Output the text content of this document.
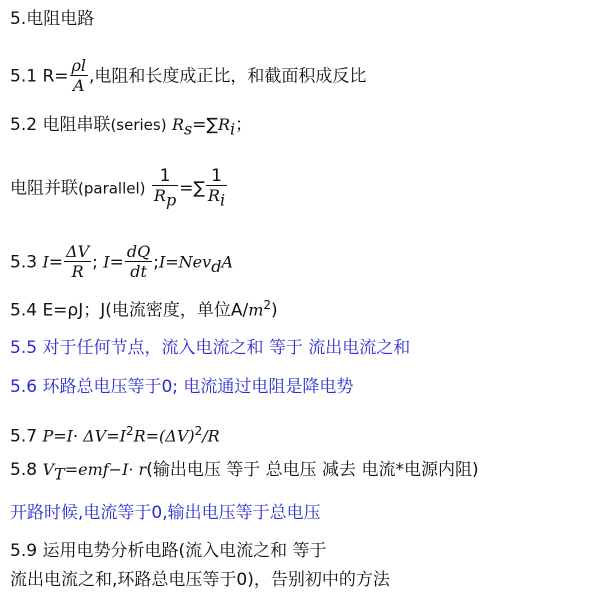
5.电阻电路
5.1 $R= \frac{\rho l}{A}$ ,电阻和长度成正比，和截面积成反比
5.2 电阻串联(series) $R_s=\sum R_i$；
电阻并联(parallel) $\frac{1}{R_p}$ =∑ $\frac{1}{R_i}$
5.3 $I= \frac{\Delta V}{R}$ ; $I= \frac{dQ}{dt}$ ;I=Nev$_d$A
5.4 E=ρJ；J(电流密度，单位$A/m^2$)
5.5 对于任何节点，流入电流之和 等于 流出电流之和
5.6 环路总电压等于0; 电流通过电阻是降电势
5.7 $P=I\cdot \Delta V=I^2R=(\Delta V)^2/R$
5.8 $V_T=emf-I\cdot r$(输出电压 等于 总电压 减去 电流*电源内阻)
开路时候,电流等于0,输出电压等于总电压
5.9 运用电势分析电路(流入电流之和 等于
流出电流之和,环路总电压等于0)，告别初中的方法
